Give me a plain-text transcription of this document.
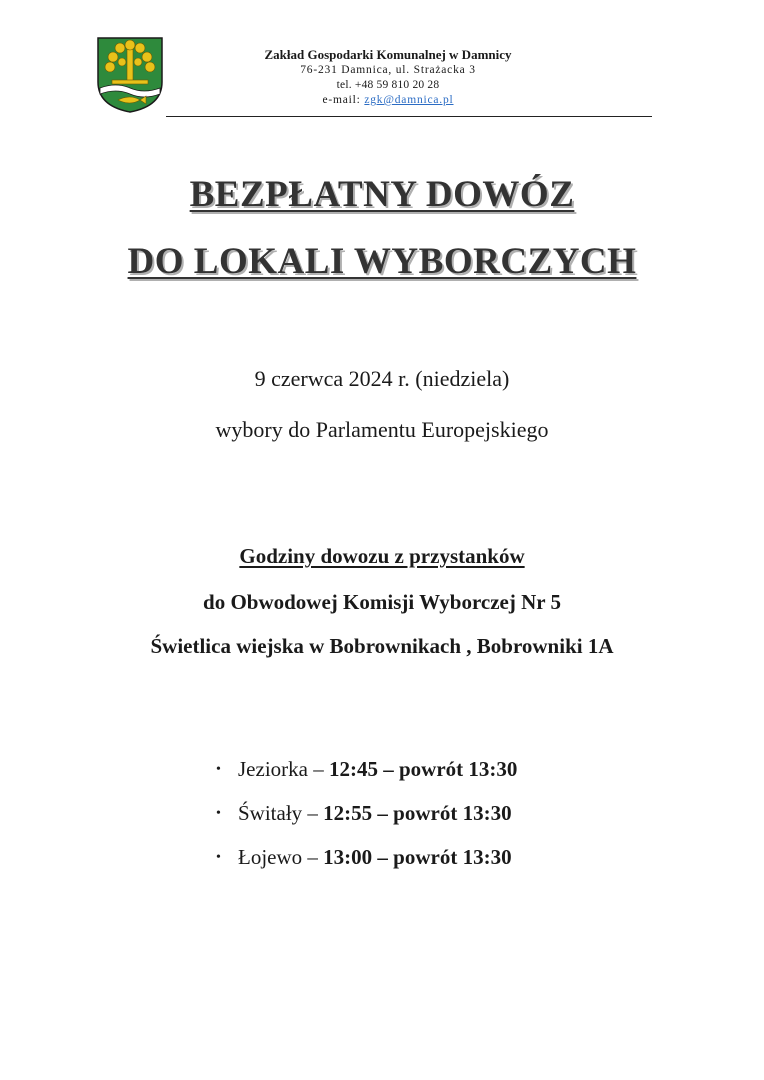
Zakład Gospodarki Komunalnej w Damnicy
76-231 Damnica, ul. Strażacka 3
tel. +48 59 810 20 28
e-mail: zgk@damnica.pl
BEZPŁATNY DOWÓZ
DO LOKALI WYBORCZYCH
9 czerwca 2024 r. (niedziela)
wybory do Parlamentu Europejskiego
Godziny dowozu z przystanków
do Obwodowej Komisji Wyborczej Nr 5
Świetlica wiejska w Bobrownikach , Bobrowniki 1A
• Jeziorka – 12:45 – powrót 13:30
• Świtały – 12:55 – powrót 13:30
• Łojewo – 13:00 – powrót 13:30
